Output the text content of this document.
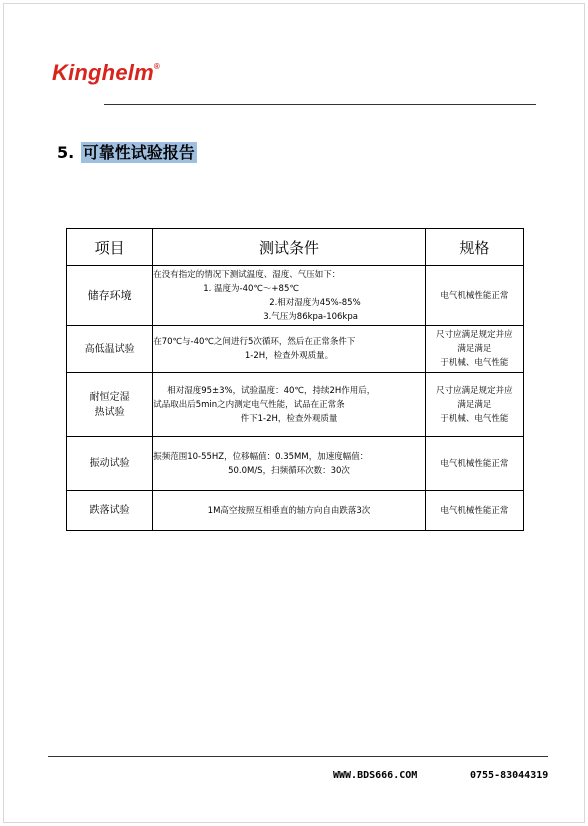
Kinghelm®
5. 可靠性试验报告
项目	测试条件	规格
储存环境	在没有指定的情况下测试温度、湿度、气压如下：
1. 温度为-40℃～+85℃
2.相对湿度为45%-85%
3.气压为86kpa-106kpa	电气机械性能正常

高低温试验	在70℃与-40℃之间进行5次循环，然后在正常条件下
1-2H，检查外观质量。	尺寸应满足规定并应
满足满足
于机械、电气性能

耐恒定湿热试验	相对湿度95±3%，试验温度：40℃，持续2H作用后，
试品取出后5min之内测定电气性能，试品在正常条
件下1-2H，检查外观质量	尺寸应满足规定并应
满足满足
于机械、电气性能

振动试验	振频范围10-55HZ，位移幅值：0.35MM，加速度幅值：
50.0M/S，扫频循环次数：30次	电气机械性能正常

跌落试验	1M高空按照互相垂直的轴方向自由跌落3次	电气机械性能正常
WWW.BDS666.COM	0755-83044319
